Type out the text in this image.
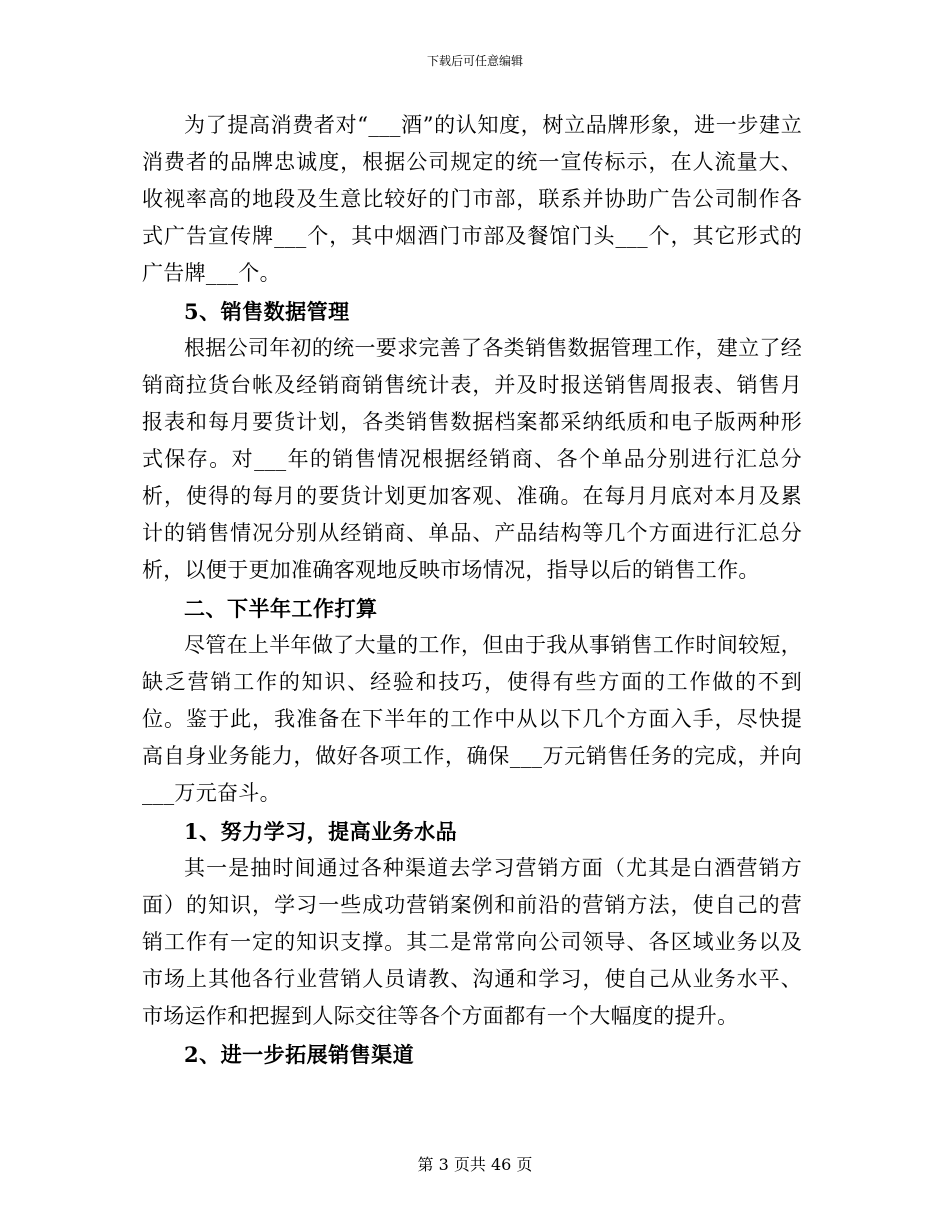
下载后可任意编辑

为了提高消费者对“___酒”的认知度，树立品牌形象，进一步建立消费者的品牌忠诚度，根据公司规定的统一宣传标示，在人流量大、收视率高的地段及生意比较好的门市部，联系并协助广告公司制作各式广告宣传牌___个，其中烟酒门市部及餐馆门头___个，其它形式的广告牌___个。

5、销售数据管理

根据公司年初的统一要求完善了各类销售数据管理工作，建立了经销商拉货台帐及经销商销售统计表，并及时报送销售周报表、销售月报表和每月要货计划，各类销售数据档案都采纳纸质和电子版两种形式保存。对___年的销售情况根据经销商、各个单品分别进行汇总分析，使得的每月的要货计划更加客观、准确。在每月月底对本月及累计的销售情况分别从经销商、单品、产品结构等几个方面进行汇总分析，以便于更加准确客观地反映市场情况，指导以后的销售工作。

二、下半年工作打算

尽管在上半年做了大量的工作，但由于我从事销售工作时间较短，缺乏营销工作的知识、经验和技巧，使得有些方面的工作做的不到位。鉴于此，我准备在下半年的工作中从以下几个方面入手，尽快提高自身业务能力，做好各项工作，确保___万元销售任务的完成，并向___万元奋斗。

1、努力学习，提高业务水品

其一是抽时间通过各种渠道去学习营销方面（尤其是白酒营销方面）的知识，学习一些成功营销案例和前沿的营销方法，使自己的营销工作有一定的知识支撑。其二是常常向公司领导、各区域业务以及市场上其他各行业营销人员请教、沟通和学习，使自己从业务水平、市场运作和把握到人际交往等各个方面都有一个大幅度的提升。

2、进一步拓展销售渠道

第 3 页共 46 页
